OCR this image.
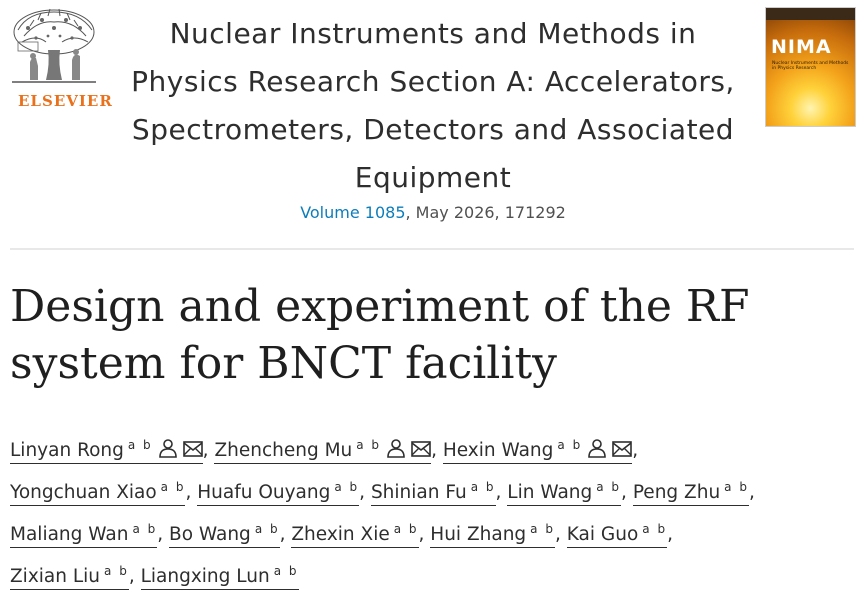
ELSEVIER
Nuclear Instruments and Methods in
Physics Research Section A: Accelerators,
Spectrometers, Detectors and Associated
Equipment
Volume 1085, May 2026, 171292
NIMA
Nuclear Instruments and Methods in Physics Research
Design and experiment of the RF
system for BNCT facility
Linyan Rong $^{a b}$	, Zhencheng Mu $^{a b}$	, Hexin Wang $^{a b}$	,
Yongchuan Xiao $^{a b}$, Huafu Ouyang $^{a b}$, Shinian Fu $^{a b}$, Lin Wang $^{a b}$, Peng Zhu $^{a b}$,
Maliang Wan $^{a b}$, Bo Wang $^{a b}$, Zhexin Xie $^{a b}$, Hui Zhang $^{a b}$, Kai Guo $^{a b}$,
Zixian Liu $^{a b}$, Liangxing Lun $^{a b}$
